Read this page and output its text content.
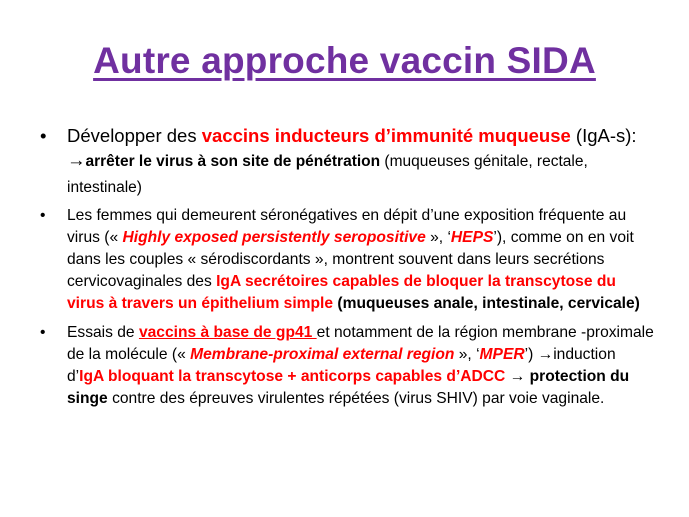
Autre approche vaccin SIDA
• Développer des vaccins inducteurs d’immunité muqueuse (IgA-s): →arrêter le virus à son site de pénétration (muqueuses génitale, rectale, intestinale)
• Les femmes qui demeurent séronégatives en dépit d’une exposition fréquente au virus (« Highly exposed persistently seropositive », ‘HEPS’), comme on en voit dans les couples « sérodiscordants », montrent souvent dans leurs secrétions cervicovaginales des IgA secrétoires capables de bloquer la transcytose du virus à travers un épithelium simple (muqueuses anale, intestinale, cervicale)
• Essais de vaccins à base de gp41 et notamment de la région membrane -proximale de la molécule (« Membrane-proximal external region », ‘MPER’) →induction d’IgA bloquant la transcytose + anticorps capables d’ADCC → protection du singe contre des épreuves virulentes répétées (virus SHIV) par voie vaginale.
